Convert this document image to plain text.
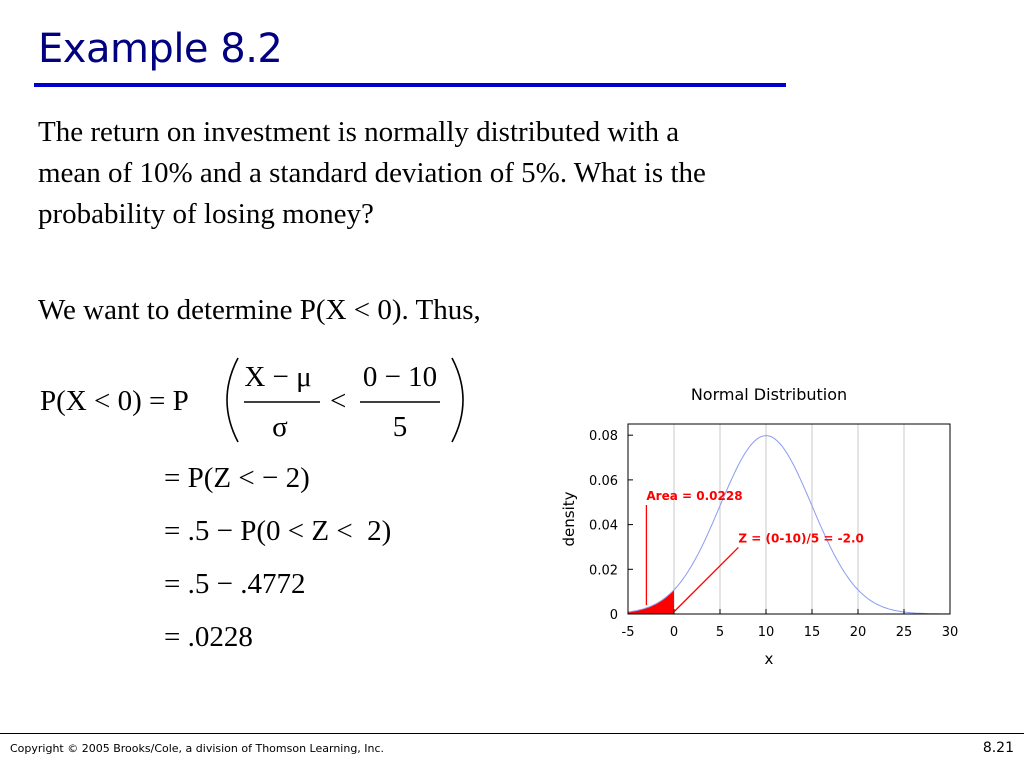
Example 8.2

The return on investment is normally distributed with a
mean of 10% and a standard deviation of 5%. What is the
probability of losing money?

We want to determine P(X < 0). Thus,

P(X < 0) = P
X − μ
σ
<
0 − 10
5
= P(Z < − 2)
= .5 − P(0 < Z <  2)
= .5 − .4772
= .0228	-5	0	5	10 15 20 25 30
0
0.02
0.04
0.06
0.08
Area = 0.0228
Z = (0-10)/5 = -2.0
Normal Distribution
x
density
Copyright © 2005 Brooks/Cole, a division of Thomson Learning, Inc.	8.21
